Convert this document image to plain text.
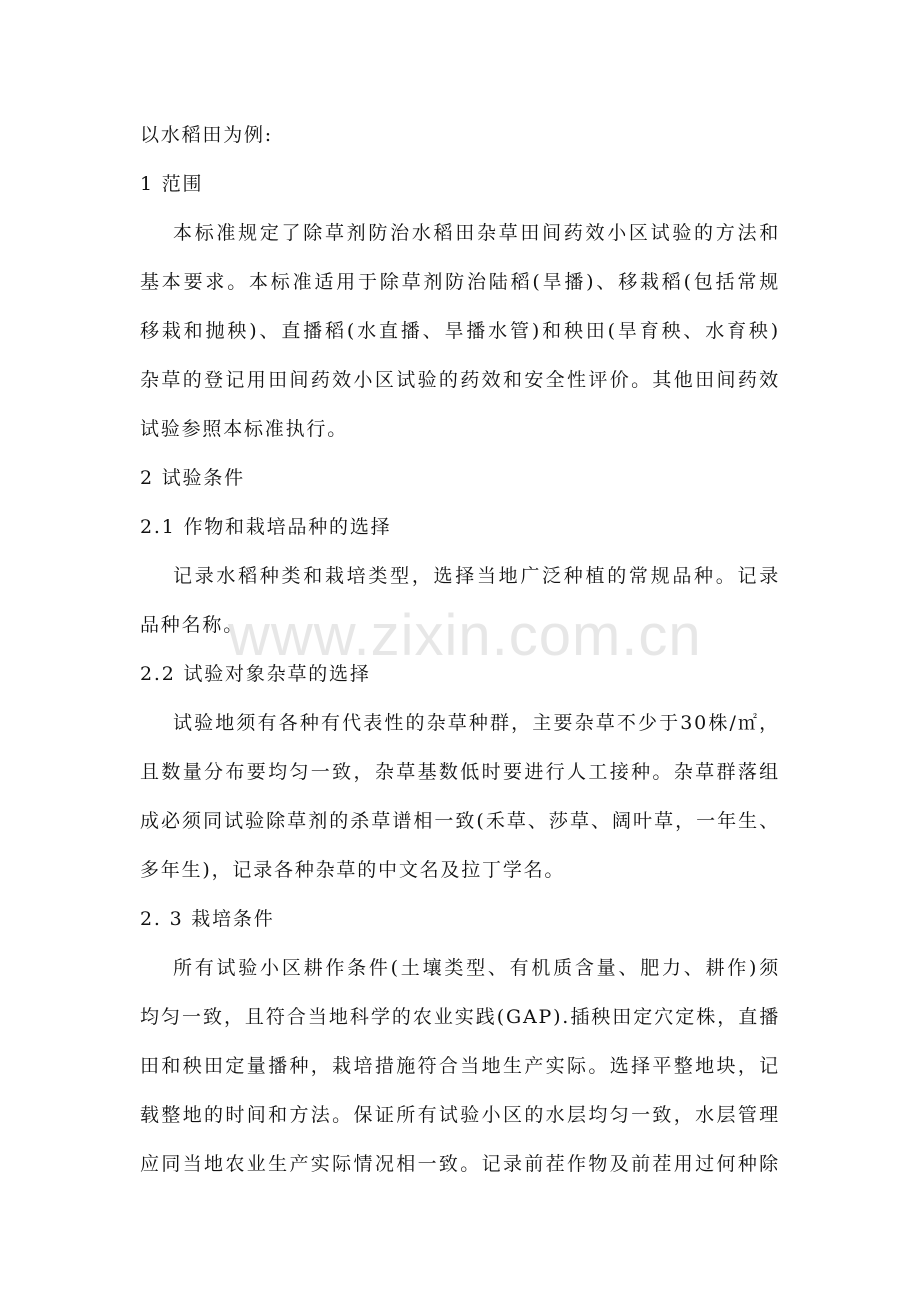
以水稻田为例:
1 范围
本标准规定了除草剂防治水稻田杂草田间药效小区试验的方法和
基本要求。本标准适用于除草剂防治陆稻(旱播)、移栽稻(包括常规
移栽和抛秧)、直播稻(水直播、旱播水管)和秧田(旱育秧、水育秧)
杂草的登记用田间药效小区试验的药效和安全性评价。其他田间药效
试验参照本标准执行。
2 试验条件
2.1 作物和栽培品种的选择
记录水稻种类和栽培类型，选择当地广泛种植的常规品种。记录
品种名称。
2.2 试验对象杂草的选择
试验地须有各种有代表性的杂草种群，主要杂草不少于30株/㎡，
且数量分布要均匀一致，杂草基数低时要进行人工接种。杂草群落组
成必须同试验除草剂的杀草谱相一致(禾草、莎草、阔叶草，一年生、
多年生)，记录各种杂草的中文名及拉丁学名。
2. 3 栽培条件
所有试验小区耕作条件(土壤类型、有机质含量、肥力、耕作)须
均匀一致，且符合当地科学的农业实践(GAP).插秧田定穴定株，直播
田和秧田定量播种，栽培措施符合当地生产实际。选择平整地块，记
载整地的时间和方法。保证所有试验小区的水层均匀一致，水层管理
应同当地农业生产实际情况相一致。记录前茬作物及前茬用过何种除
www.zixin.com.cn
